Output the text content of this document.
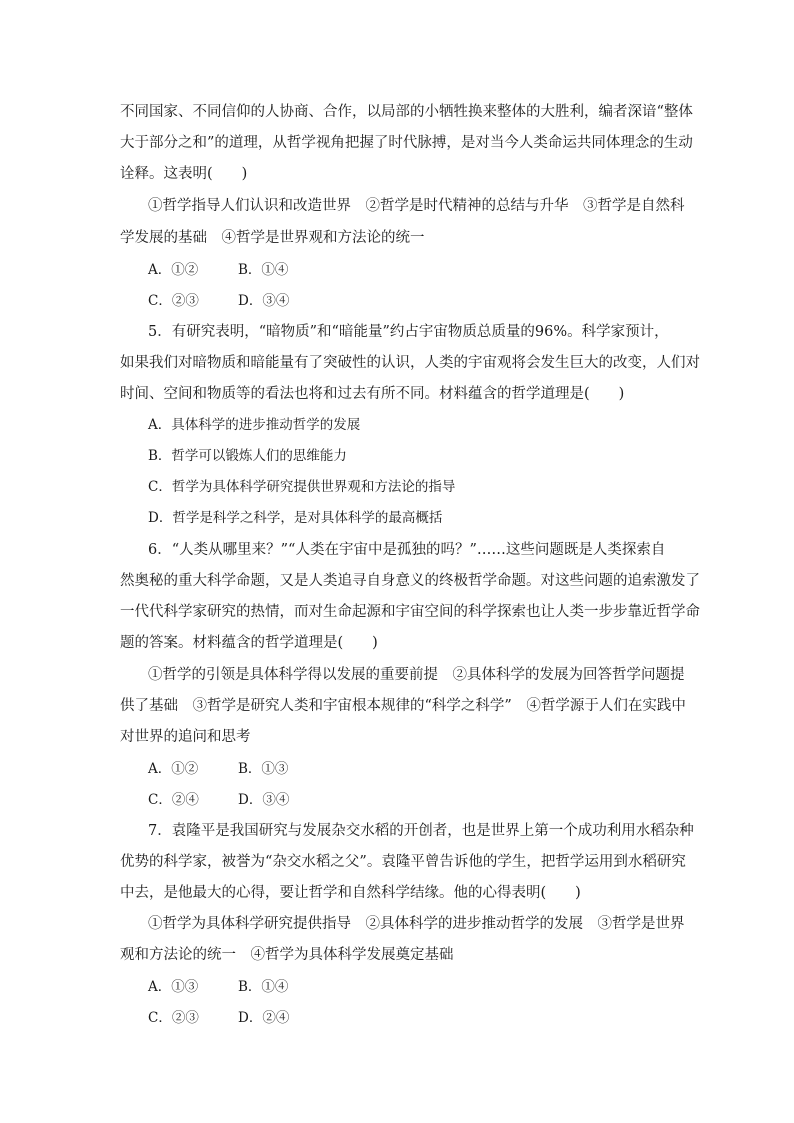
不同国家、不同信仰的人协商、合作，以局部的小牺牲换来整体的大胜利，编者深谙“整体
大于部分之和”的道理，从哲学视角把握了时代脉搏，是对当今人类命运共同体理念的生动
诠释。这表明(　　)
①哲学指导人们认识和改造世界　②哲学是时代精神的总结与升华　③哲学是自然科
学发展的基础　④哲学是世界观和方法论的统一
A．①②	B．①④
C．②③	D．③④
5．有研究表明，“暗物质”和“暗能量”约占宇宙物质总质量的96%。科学家预计，
如果我们对暗物质和暗能量有了突破性的认识，人类的宇宙观将会发生巨大的改变，人们对
时间、空间和物质等的看法也将和过去有所不同。材料蕴含的哲学道理是(　　)
A．具体科学的进步推动哲学的发展
B．哲学可以锻炼人们的思维能力
C．哲学为具体科学研究提供世界观和方法论的指导
D．哲学是科学之科学，是对具体科学的最高概括
6．“人类从哪里来？”“人类在宇宙中是孤独的吗？”……这些问题既是人类探索自
然奥秘的重大科学命题，又是人类追寻自身意义的终极哲学命题。对这些问题的追索激发了
一代代科学家研究的热情，而对生命起源和宇宙空间的科学探索也让人类一步步靠近哲学命
题的答案。材料蕴含的哲学道理是(　　)
①哲学的引领是具体科学得以发展的重要前提　②具体科学的发展为回答哲学问题提
供了基础　③哲学是研究人类和宇宙根本规律的“科学之科学”　④哲学源于人们在实践中
对世界的追问和思考
A．①②	B．①③
C．②④	D．③④
7．袁隆平是我国研究与发展杂交水稻的开创者，也是世界上第一个成功利用水稻杂种
优势的科学家，被誉为“杂交水稻之父”。袁隆平曾告诉他的学生，把哲学运用到水稻研究
中去，是他最大的心得，要让哲学和自然科学结缘。他的心得表明(　　)
①哲学为具体科学研究提供指导　②具体科学的进步推动哲学的发展　③哲学是世界
观和方法论的统一　④哲学为具体科学发展奠定基础
A．①③	B．①④
C．②③	D．②④
